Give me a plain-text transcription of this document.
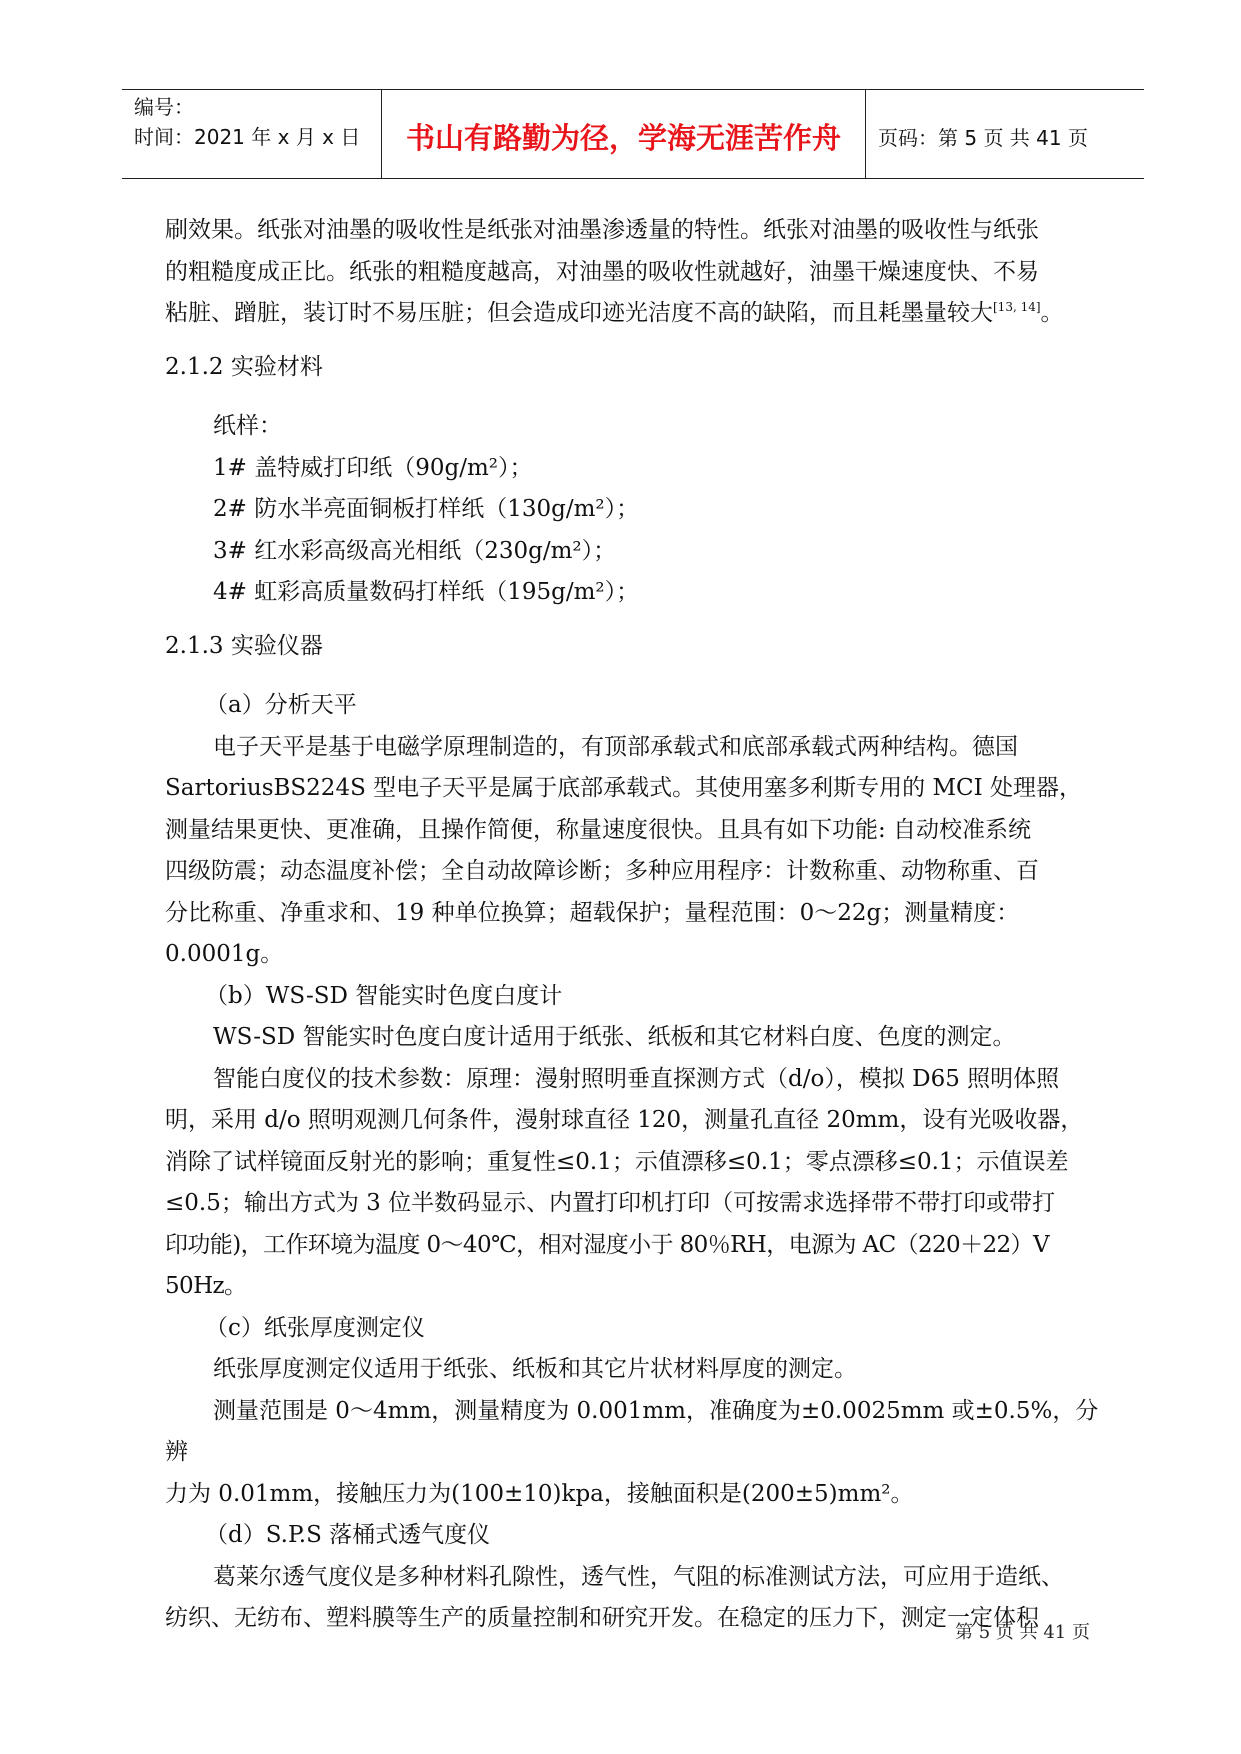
编号：
时间：2021 年 x 月 x 日	书山有路勤为径，学海无涯苦作舟	页码：第 5 页 共 41 页

刷效果。纸张对油墨的吸收性是纸张对油墨渗透量的特性。纸张对油墨的吸收性与纸张

的粗糙度成正比。纸张的粗糙度越高，对油墨的吸收性就越好，油墨干燥速度快、不易

粘脏、蹭脏，装订时不易压脏；但会造成印迹光洁度不高的缺陷，而且耗墨量较大[13, 14]。

2.1.2 实验材料

纸样：

1# 盖特威打印纸（90g/m²）；

2# 防水半亮面铜板打样纸（130g/m²）；

3# 红水彩高级高光相纸（230g/m²）；

4# 虹彩高质量数码打样纸（195g/m²）；

2.1.3 实验仪器

（a）分析天平

电子天平是基于电磁学原理制造的，有顶部承载式和底部承载式两种结构。德国

SartoriusBS224S 型电子天平是属于底部承载式。其使用塞多利斯专用的 MCI 处理器，

测量结果更快、更准确，且操作简便，称量速度很快。且具有如下功能: 自动校准系统

四级防震；动态温度补偿；全自动故障诊断；多种应用程序：计数称重、动物称重、百

分比称重、净重求和、19 种单位换算；超载保护；量程范围：0～22g；测量精度：

0.0001g。

（b）WS-SD 智能实时色度白度计

WS-SD 智能实时色度白度计适用于纸张、纸板和其它材料白度、色度的测定。

智能白度仪的技术参数：原理：漫射照明垂直探测方式（d/o），模拟 D65 照明体照

明，采用 d/o 照明观测几何条件，漫射球直径 120，测量孔直径 20mm，设有光吸收器，

消除了试样镜面反射光的影响；重复性≤0.1；示值漂移≤0.1；零点漂移≤0.1；示值误差

≤0.5；输出方式为 3 位半数码显示、内置打印机打印（可按需求选择带不带打印或带打

印功能)，工作环境为温度 0～40℃，相对湿度小于 80％RH，电源为 AC（220＋22）V 50Hz。

（c）纸张厚度测定仪

纸张厚度测定仪适用于纸张、纸板和其它片状材料厚度的测定。

测量范围是 0～4mm，测量精度为 0.001mm，准确度为±0.0025mm 或±0.5%，分辨

力为 0.01mm，接触压力为(100±10)kpa，接触面积是(200±5)mm²。

（d）S.P.S 落桶式透气度仪

葛莱尔透气度仪是多种材料孔隙性，透气性，气阻的标准测试方法，可应用于造纸、

纺织、无纺布、塑料膜等生产的质量控制和研究开发。在稳定的压力下，测定一定体积

第 5 页 共 41 页
